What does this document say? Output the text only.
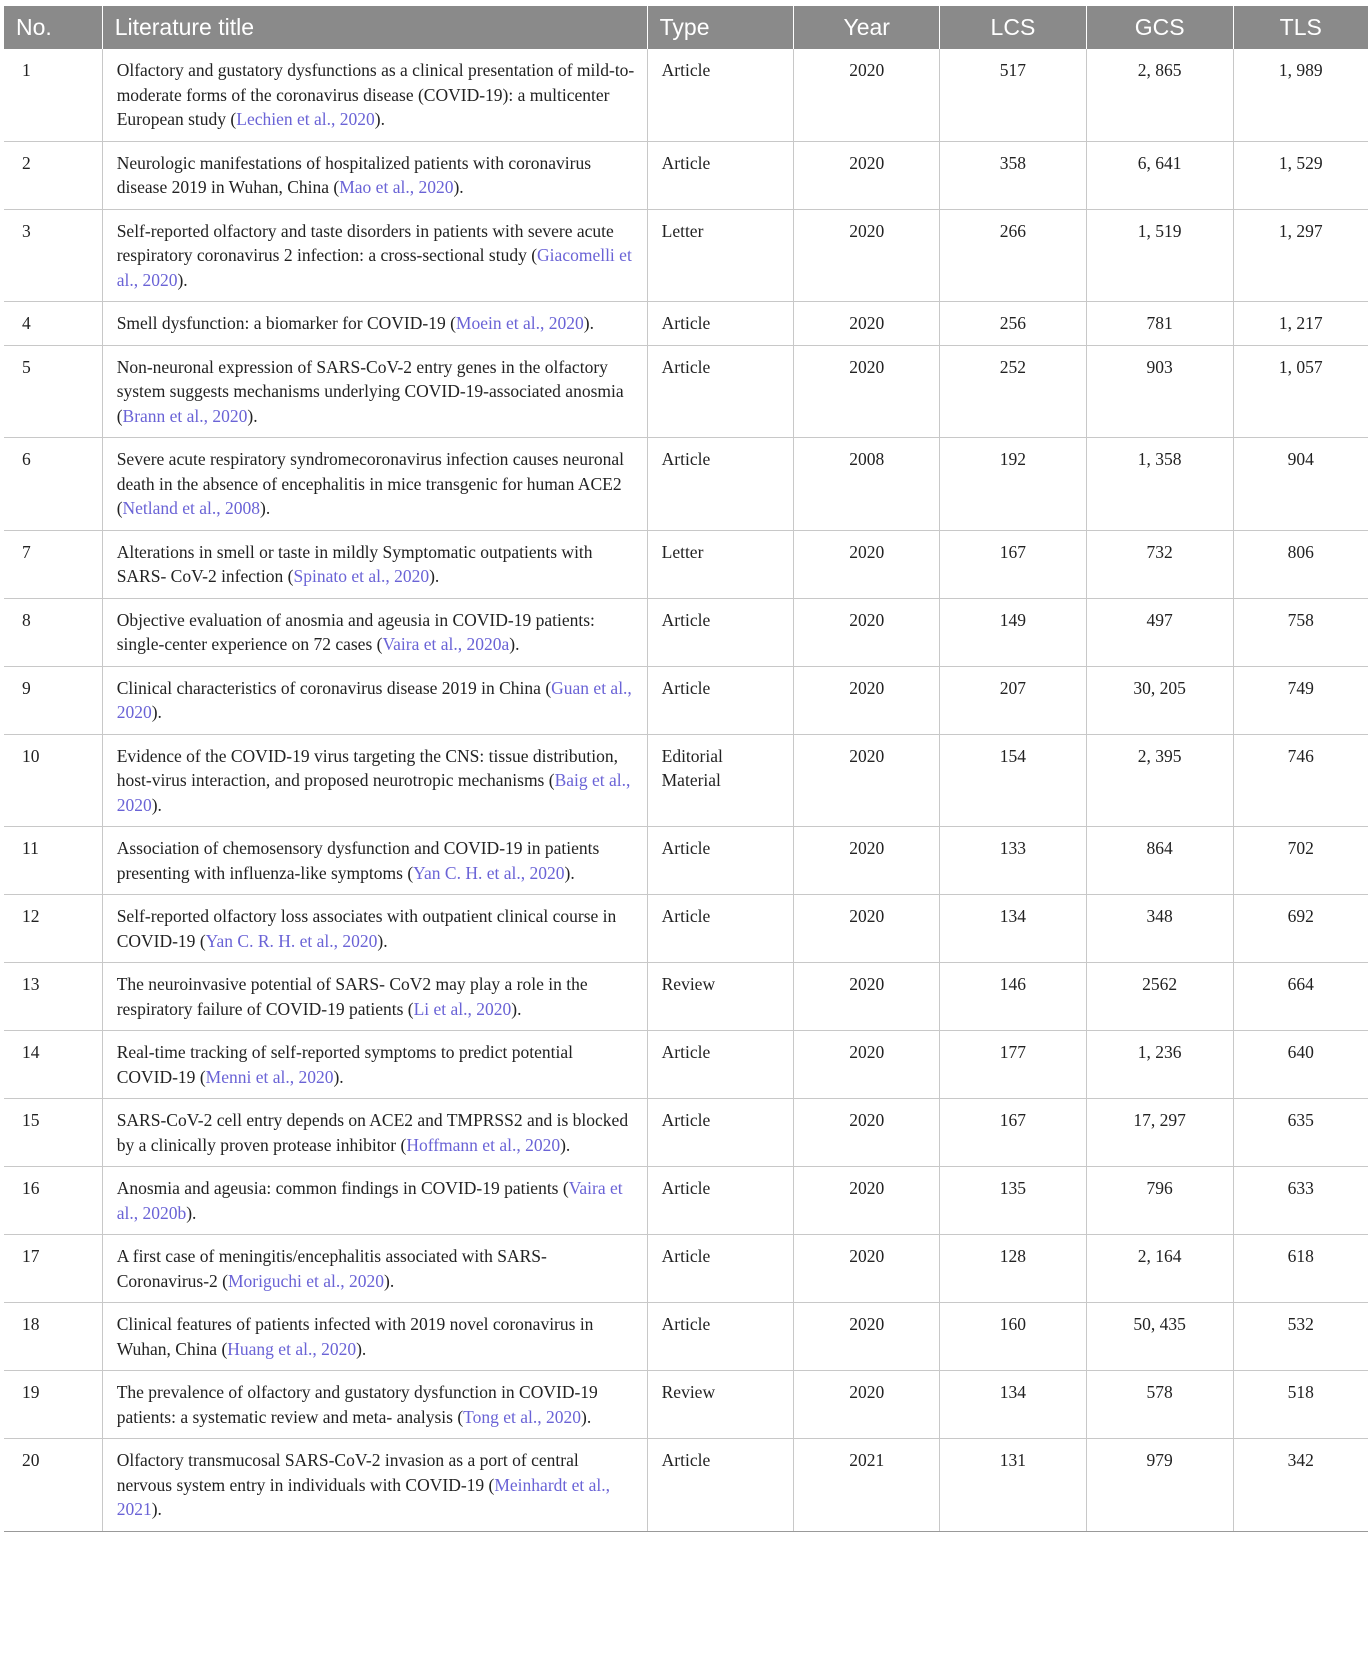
No.	Literature title	Type	Year	LCS	GCS	TLS
1	Olfactory and gustatory dysfunctions as a clinical presentation of mild-to-moderate forms of the coronavirus disease (COVID-19): a multicenter European study (Lechien et al., 2020).	Article	2020	517	2, 865	1, 989
2	Neurologic manifestations of hospitalized patients with coronavirus disease 2019 in Wuhan, China (Mao et al., 2020).	Article	2020	358	6, 641	1, 529
3	Self-reported olfactory and taste disorders in patients with severe acute respiratory coronavirus 2 infection: a cross-sectional study (Giacomelli et al., 2020).	Letter	2020	266	1, 519	1, 297
4	Smell dysfunction: a biomarker for COVID-19 (Moein et al., 2020).	Article	2020	256	781	1, 217
5	Non-neuronal expression of SARS-CoV-2 entry genes in the olfactory system suggests mechanisms underlying COVID-19-associated anosmia (Brann et al., 2020).	Article	2020	252	903	1, 057
6	Severe acute respiratory syndromecoronavirus infection causes neuronal death in the absence of encephalitis in mice transgenic for human ACE2 (Netland et al., 2008).	Article	2008	192	1, 358	904
7	Alterations in smell or taste in mildly Symptomatic outpatients with SARS- CoV-2 infection (Spinato et al., 2020).	Letter	2020	167	732	806
8	Objective evaluation of anosmia and ageusia in COVID-19 patients: single-center experience on 72 cases (Vaira et al., 2020a).	Article	2020	149	497	758
9	Clinical characteristics of coronavirus disease 2019 in China (Guan et al., 2020).	Article	2020	207	30, 205	749
10	Evidence of the COVID-19 virus targeting the CNS: tissue distribution, host-virus interaction, and proposed neurotropic mechanisms (Baig et al., 2020).	Editorial Material	2020	154	2, 395	746
11	Association of chemosensory dysfunction and COVID-19 in patients presenting with influenza-like symptoms (Yan C. H. et al., 2020).	Article	2020	133	864	702
12	Self-reported olfactory loss associates with outpatient clinical course in COVID-19 (Yan C. R. H. et al., 2020).	Article	2020	134	348	692
13	The neuroinvasive potential of SARS- CoV2 may play a role in the respiratory failure of COVID-19 patients (Li et al., 2020).	Review	2020	146	2562	664
14	Real-time tracking of self-reported symptoms to predict potential COVID-19 (Menni et al., 2020).	Article	2020	177	1, 236	640
15	SARS-CoV-2 cell entry depends on ACE2 and TMPRSS2 and is blocked by a clinically proven protease inhibitor (Hoffmann et al., 2020).	Article	2020	167	17, 297	635
16	Anosmia and ageusia: common findings in COVID-19 patients (Vaira et al., 2020b).	Article	2020	135	796	633
17	A first case of meningitis/encephalitis associated with SARS-Coronavirus-2 (Moriguchi et al., 2020).	Article	2020	128	2, 164	618
18	Clinical features of patients infected with 2019 novel coronavirus in Wuhan, China (Huang et al., 2020).	Article	2020	160	50, 435	532
19	The prevalence of olfactory and gustatory dysfunction in COVID-19 patients: a systematic review and meta- analysis (Tong et al., 2020).	Review	2020	134	578	518
20	Olfactory transmucosal SARS-CoV-2 invasion as a port of central nervous system entry in individuals with COVID-19 (Meinhardt et al., 2021).	Article	2021	131	979	342
